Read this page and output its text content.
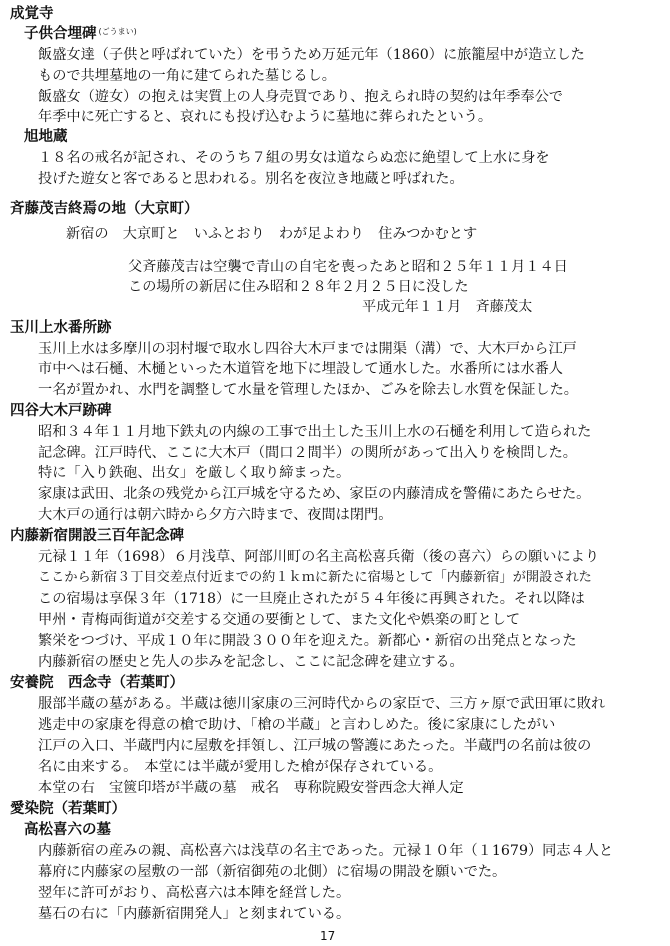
成覚寺
子供合埋碑 $^{(ごうまい)}$
飯盛女達（子供と呼ばれていた）を弔うため万延元年（1860）に旅籠屋中が造立した
もので共埋墓地の一角に建てられた墓じるし。
飯盛女（遊女）の抱えは実質上の人身売買であり、抱えられ時の契約は年季奉公で
年季中に死亡すると、哀れにも投げ込むように墓地に葬られたという。
旭地蔵
１８名の戒名が記され、そのうち７組の男女は道ならぬ恋に絶望して上水に身を
投げた遊女と客であると思われる。別名を夜泣き地蔵と呼ばれた。
斉藤茂吉終焉の地（大京町）
新宿の　大京町と　いふとおり　わが足よわり　住みつかむとす
父斉藤茂吉は空襲で青山の自宅を喪ったあと昭和２５年１１月１４日
この場所の新居に住み昭和２８年２月２５日に没した
平成元年１１月　斉藤茂太
玉川上水番所跡
玉川上水は多摩川の羽村堰で取水し四谷大木戸までは開渠（溝）で、大木戸から江戸
市中へは石樋、木樋といった木道管を地下に埋設して通水した。水番所には水番人
一名が置かれ、水門を調整して水量を管理したほか、ごみを除去し水質を保証した。
四谷大木戸跡碑
昭和３４年１１月地下鉄丸の内線の工事で出土した玉川上水の石樋を利用して造られた
記念碑。江戸時代、ここに大木戸（間口２間半）の関所があって出入りを検問した。
特に「入り鉄砲、出女」を厳しく取り締まった。
家康は武田、北条の残党から江戸城を守るため、家臣の内藤清成を警備にあたらせた。
大木戸の通行は朝六時から夕方六時まで、夜間は閉門。
内藤新宿開設三百年記念碑
元禄１１年（1698）６月浅草、阿部川町の名主高松喜兵衛（後の喜六）らの願いにより
ここから新宿３丁目交差点付近までの約１ｋｍに新たに宿場として「内藤新宿」が開設された
この宿場は享保３年（1718）に一旦廃止されたが５４年後に再興された。それ以降は
甲州・青梅両街道が交差する交通の要衝として、また文化や娯楽の町として
繁栄をつづけ、平成１０年に開設３００年を迎えた。新都心・新宿の出発点となった
内藤新宿の歴史と先人の歩みを記念し、ここに記念碑を建立する。
安養院　西念寺（若葉町）
服部半蔵の墓がある。半蔵は徳川家康の三河時代からの家臣で、三方ヶ原で武田軍に敗れ
逃走中の家康を得意の槍で助け、「槍の半蔵」と言わしめた。後に家康にしたがい
江戸の入口、半蔵門内に屋敷を拝領し、江戸城の警護にあたった。半蔵門の名前は彼の
名に由来する。　本堂には半蔵が愛用した槍が保存されている。
本堂の右　宝篋印塔が半蔵の墓　戒名　専称院殿安誉西念大禅人定
愛染院（若葉町）
高松喜六の墓
内藤新宿の産みの親、高松喜六は浅草の名主であった。元禄１０年（１1679）同志４人と
幕府に内藤家の屋敷の一部（新宿御苑の北側）に宿場の開設を願いでた。
翌年に許可がおり、高松喜六は本陣を経営した。
墓石の右に「内藤新宿開発人」と刻まれている。
17
